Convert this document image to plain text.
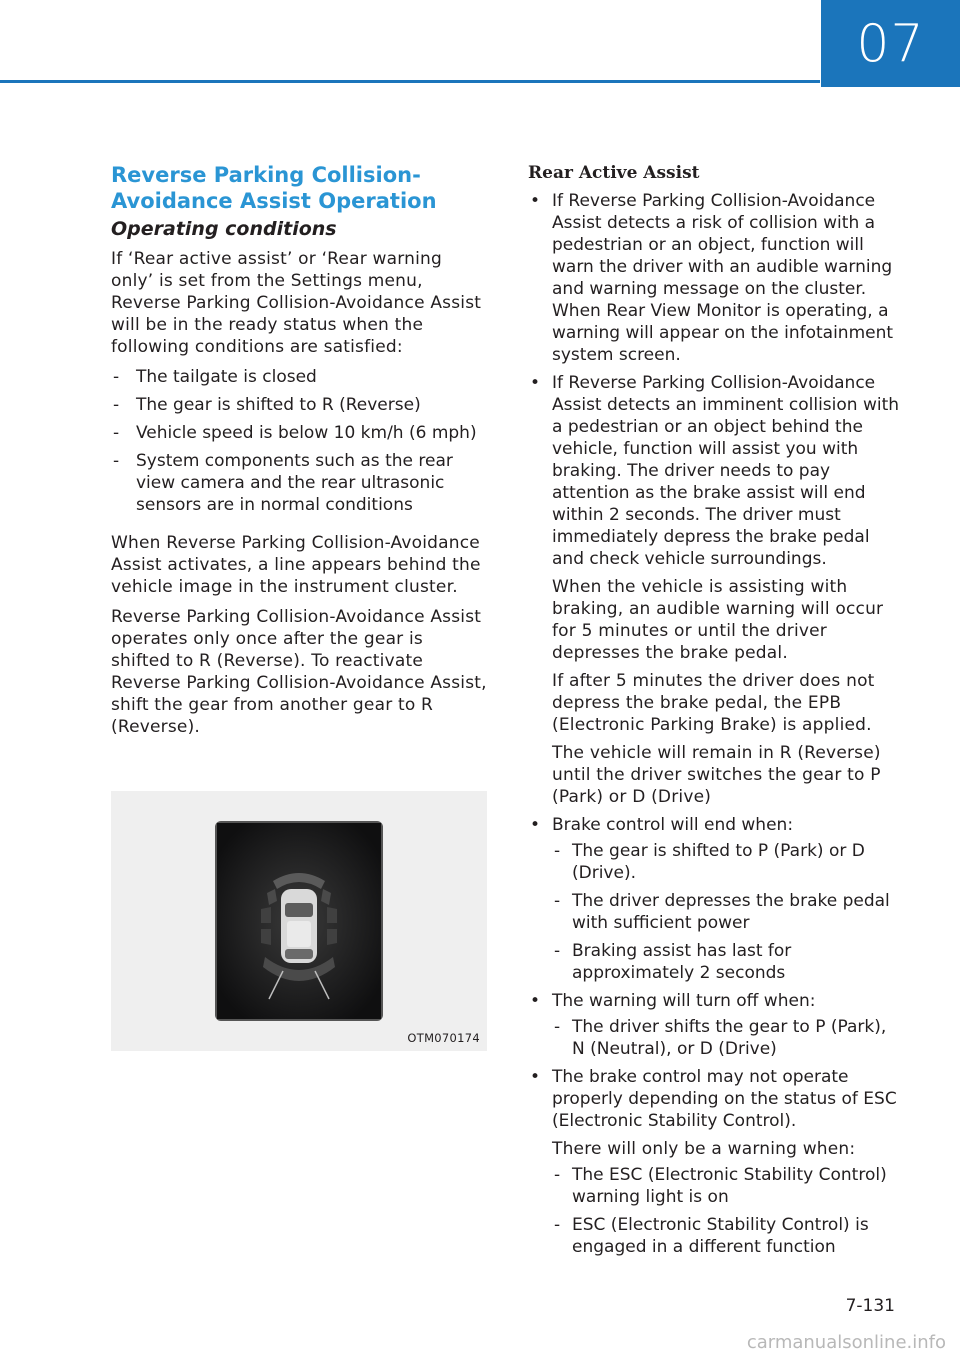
07
Reverse Parking Collision-
Avoidance Assist Operation
Operating conditions

If ‘Rear active assist’ or ‘Rear warning only’ is set from the Settings menu, Reverse Parking Collision-Avoidance Assist will be in the ready status when the following conditions are satisfied:

- The tailgate is closed
- The gear is shifted to R (Reverse)
- Vehicle speed is below 10 km/h (6 mph)
- System components such as the rear view camera and the rear ultrasonic sensors are in normal conditions

When Reverse Parking Collision-Avoidance Assist activates, a line appears behind the vehicle image in the instrument cluster.

Reverse Parking Collision-Avoidance Assist operates only once after the gear is shifted to R (Reverse). To reactivate Reverse Parking Collision-Avoidance Assist, shift the gear from another gear to R (Reverse).

OTM070174
Rear Active Assist
• If Reverse Parking Collision-Avoidance Assist detects a risk of collision with a pedestrian or an object, function will warn the driver with an audible warning and warning message on the cluster. When Rear View Monitor is operating, a warning will appear on the infotainment system screen.
• If Reverse Parking Collision-Avoidance Assist detects an imminent collision with a pedestrian or an object behind the vehicle, function will assist you with braking. The driver needs to pay attention as the brake assist will end within 2 seconds. The driver must immediately depress the brake pedal and check vehicle surroundings.

When the vehicle is assisting with braking, an audible warning will occur for 5 minutes or until the driver depresses the brake pedal.

If after 5 minutes the driver does not depress the brake pedal, the EPB (Electronic Parking Brake) is applied.

The vehicle will remain in R (Reverse) until the driver switches the gear to P (Park) or D (Drive)

• Brake control will end when:
- The gear is shifted to P (Park) or D (Drive).
- The driver depresses the brake pedal with sufficient power
- Braking assist has last for approximately 2 seconds
• The warning will turn off when:
- The driver shifts the gear to P (Park), N (Neutral), or D (Drive)
• The brake control may not operate properly depending on the status of ESC (Electronic Stability Control).

There will only be a warning when:

- The ESC (Electronic Stability Control) warning light is on
- ESC (Electronic Stability Control) is engaged in a different function
7-131
carmanualsonline.info
